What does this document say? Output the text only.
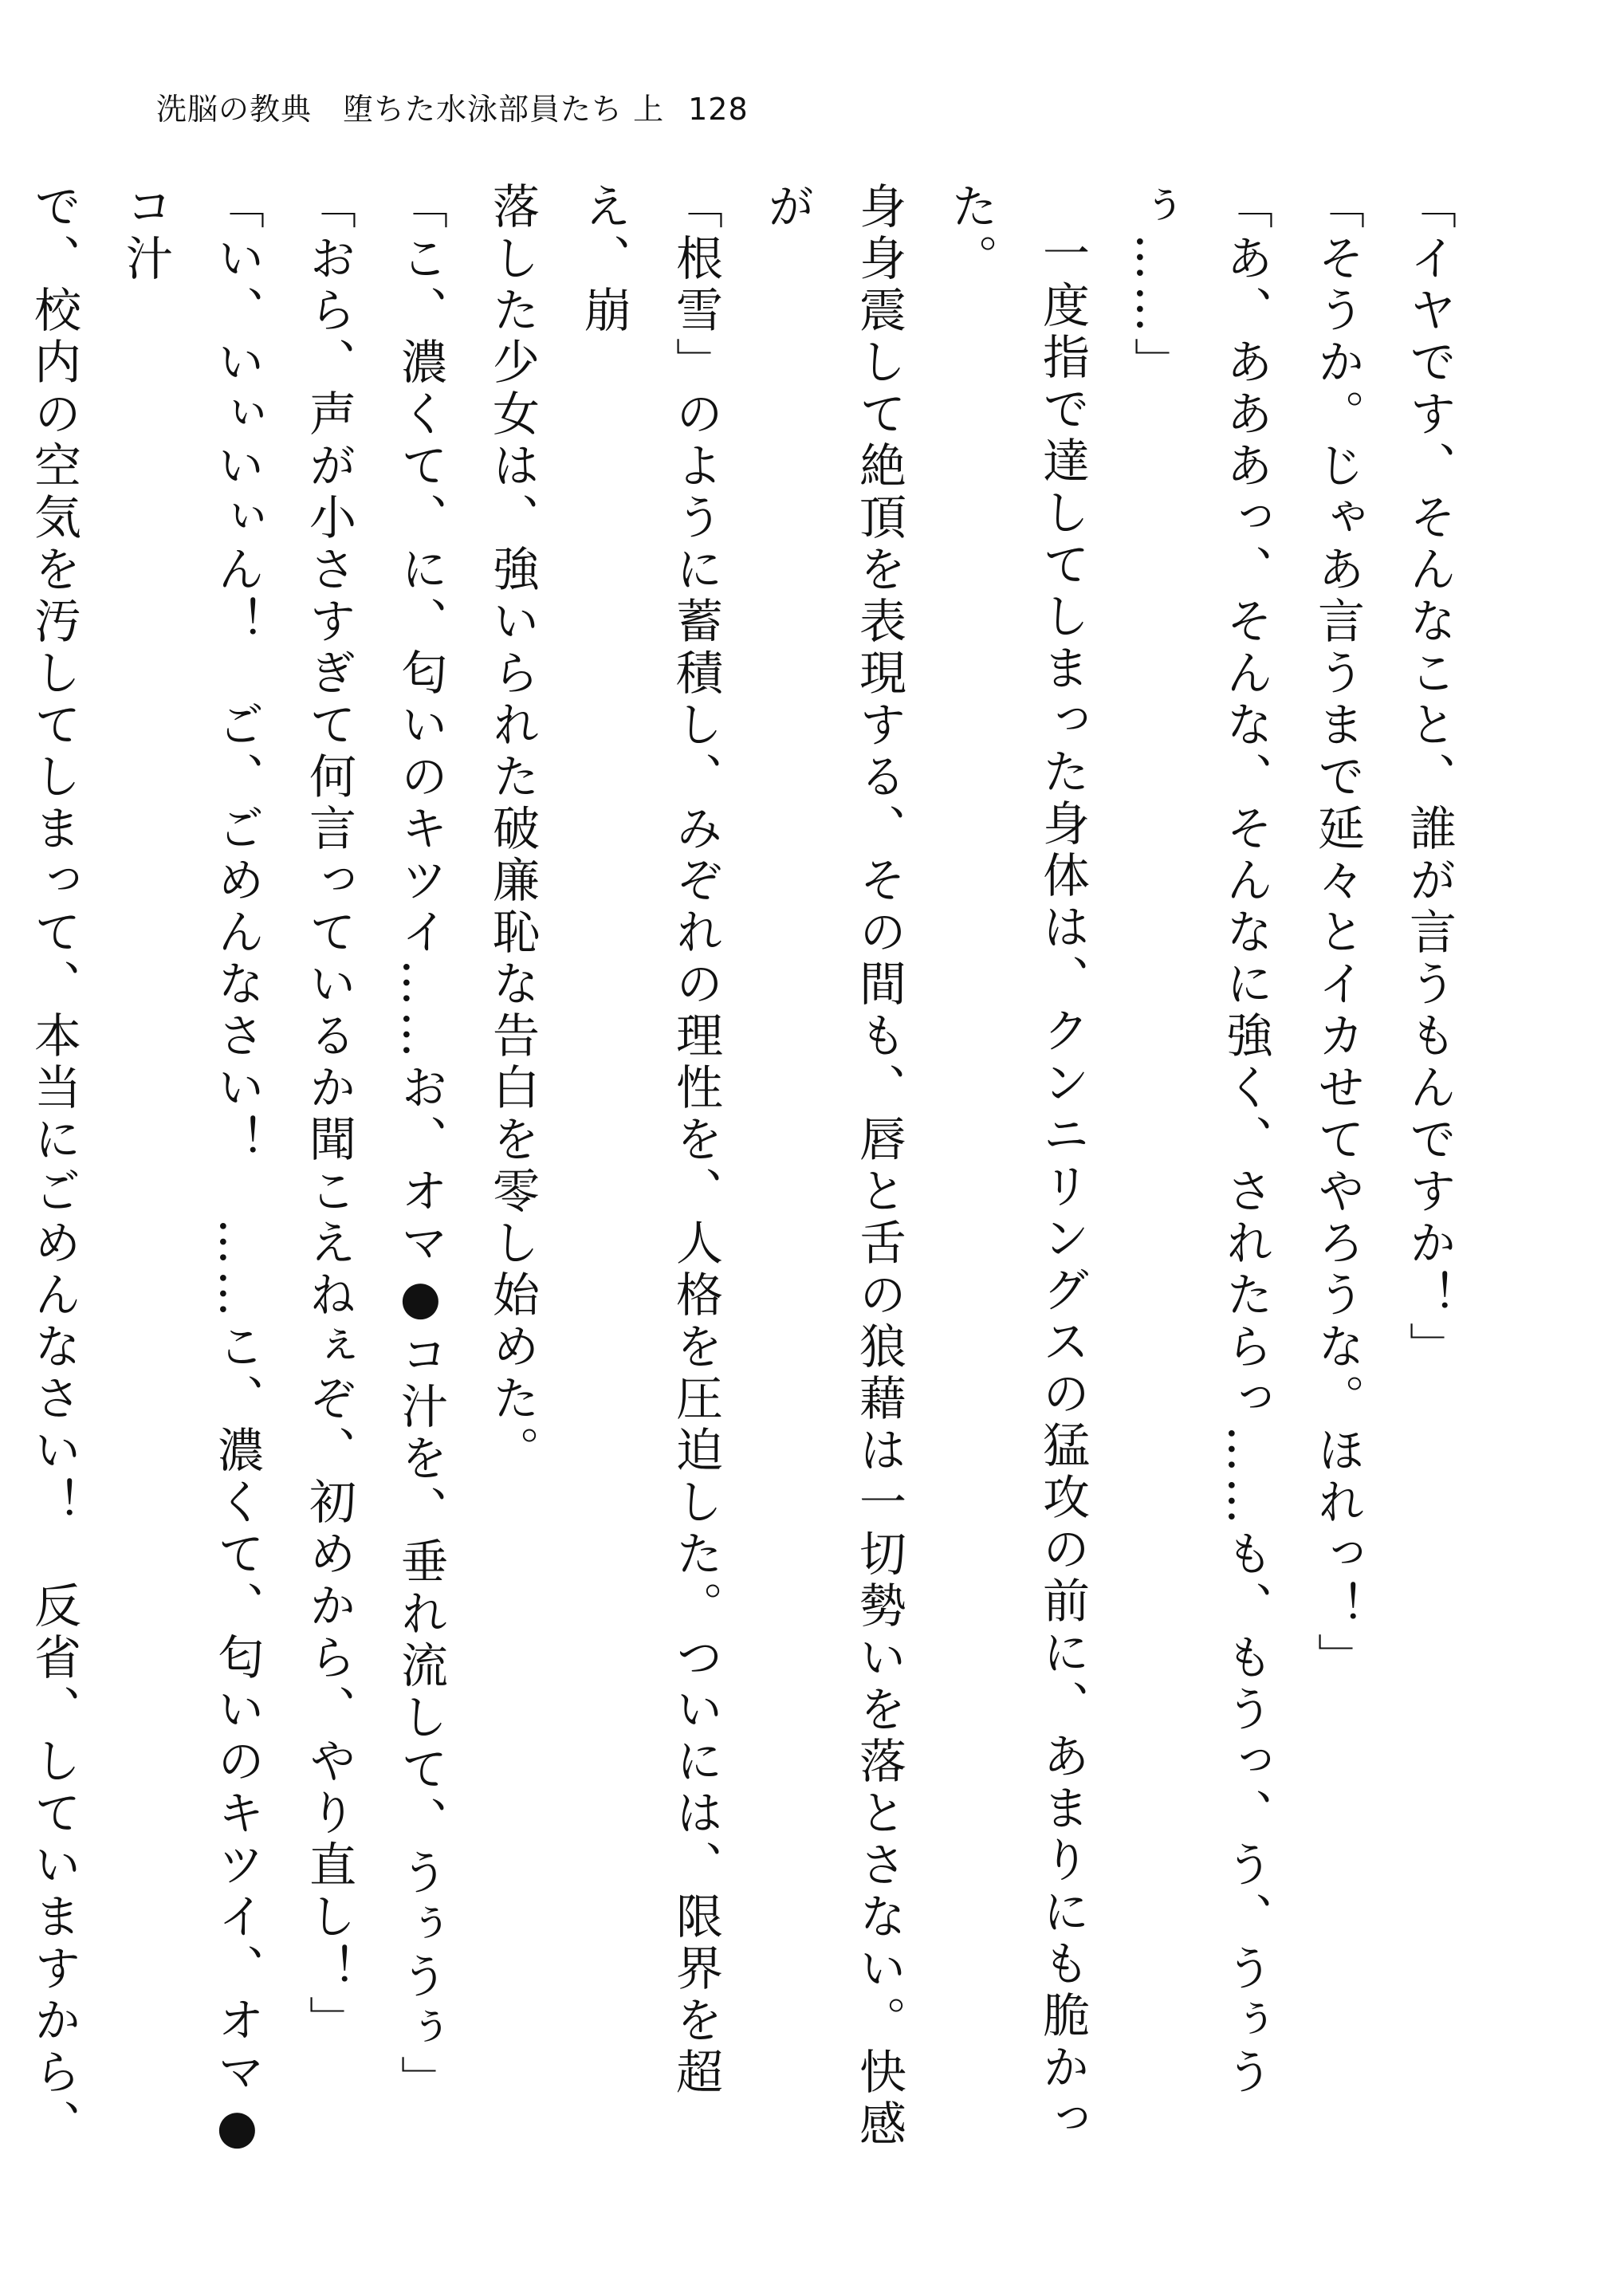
洗脳の教典　堕ちた水泳部員たち 上 128

「イヤです、そんなこと、誰が言うもんですか！」

「そうか。じゃあ言うまで延々とイカせてやろうな。ほれっ！」

「あ、あああっ、そんな、そんなに強く、されたらっ……も、もうっ、う、うぅうぅ……」

一度指で達してしまった身体は、クンニリングスの猛攻の前に、あまりにも脆かった。

身身震して絶頂を表現する、その間も、唇と舌の狼藉は一切勢いを落とさない。快感が

「根雪」のように蓄積し、みぞれの理性を、人格を圧迫した。ついには、限界を超え、崩

落した少女は、強いられた破廉恥な告白を零し始めた。

「こ、濃くて、に、匂いのキツイ……お、オマ●コ汁を、垂れ流して、うぅうぅ」

「おら、声が小さすぎて何言っているか聞こえねぇぞ、初めから、やり直し！」

「い、いぃいぃん！　ご、ごめんなさい！　……こ、濃くて、匂いのキツイ、オマ●コ汁

で、校内の空気を汚してしまって、本当にごめんなさい！　反省、していますから、
